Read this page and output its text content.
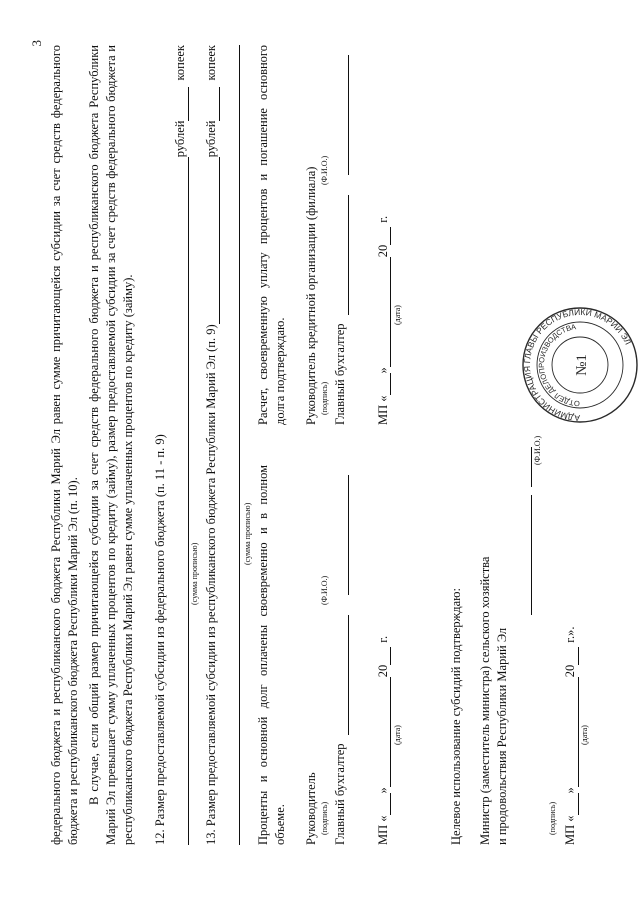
3
федерального бюджета и республиканского бюджета Республики Марий Эл равен сумме причитающейся субсидии за счет средств федерального бюджета и республиканского бюджета Республики Марий Эл (п. 10). В случае, если общий размер причитающейся субсидии за счет средств федерального бюджета и республиканского бюджета Республики Марий Эл превышает сумму уплаченных процентов по кредиту (займу), размер предоставляемой субсидии за счет средств федерального бюджета и республиканского бюджета Республики Марий Эл равен сумме уплаченных процентов по кредиту (займу). 12. Размер предоставляемой субсидии из федерального бюджета (п. 11 - п. 9)
рублей
копеек
(сумма прописью) 13. Размер предоставляемой субсидии из республиканского бюджета Республики Марий Эл (п. 9)
рублей
копеек
(сумма прописью) Проценты и основной долг оплачены своевременно и в полном объеме. Руководитель Главный бухгалтер
(подпись)
(Ф.И.О.)
МП «
»
20
г.
(дата)
Расчет, своевременную уплату процентов и погашение основного долга подтверждаю. Руководитель кредитной организации (филиала) Главный бухгалтер
(подпись)
(Ф.И.О.)
МП «
»
20
г.
(дата)
Целевое использование субсидий подтверждаю: Министр (заместитель министра) сельского хозяйства и продовольствия Республики Марий Эл
(Ф.И.О.)
(подпись) МП «
»
20
г.».
(дата)
АДМИНИСТРАЦИЯ ГЛАВЫ РЕСПУБЛИКИ МАРИЙ ЭЛ
ОТДЕЛ ДЕЛОПРОИЗВОДСТВА
№1
